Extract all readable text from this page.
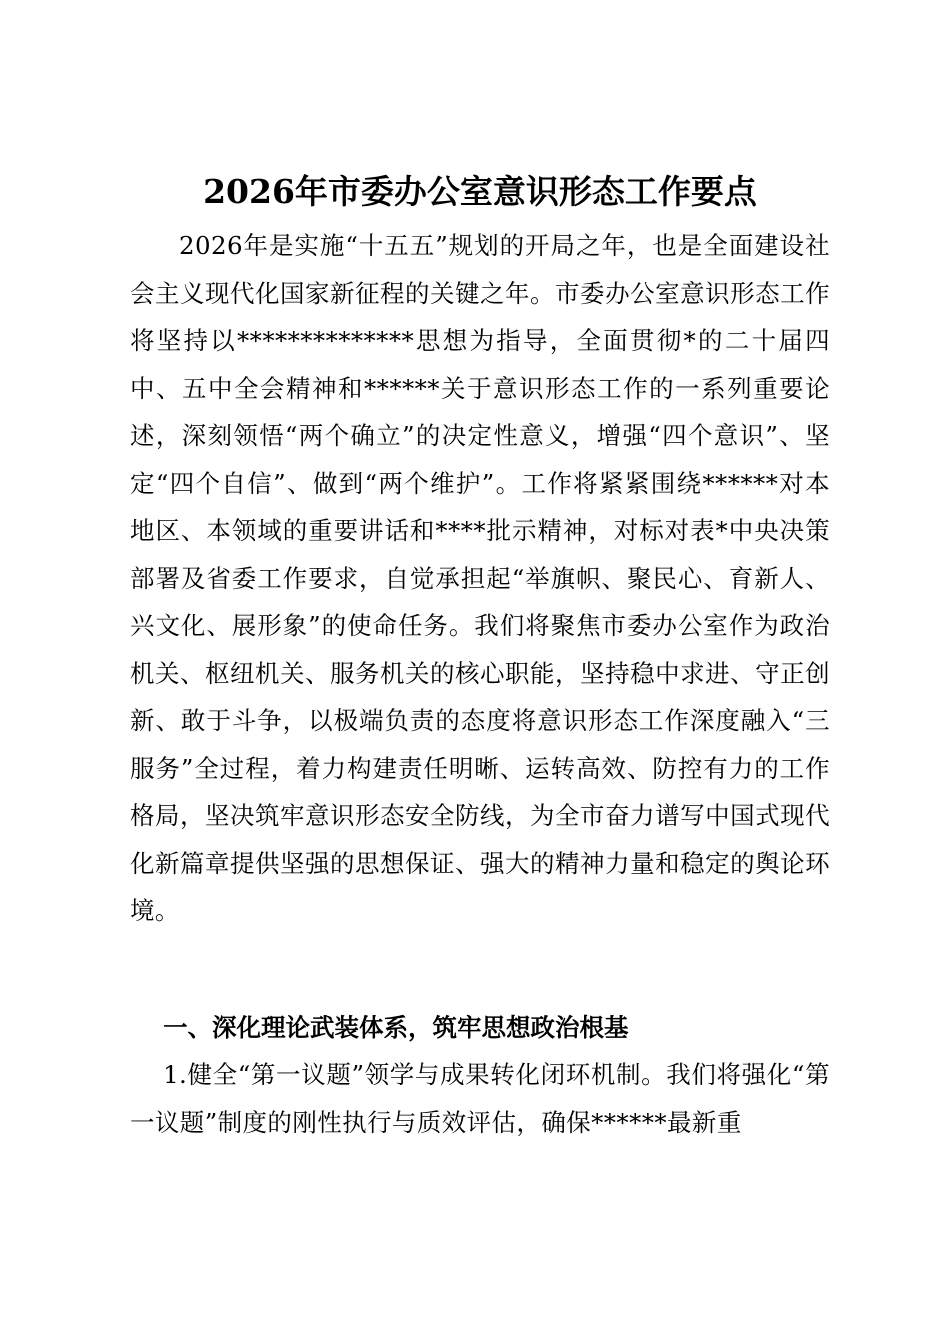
2026年市委办公室意识形态工作要点

2026年是实施“十五五”规划的开局之年，也是全面建设社会主义现代化国家新征程的关键之年。市委办公室意识形态工作将坚持以**************思想为指导，全面贯彻*的二十届四中、五中全会精神和******关于意识形态工作的一系列重要论述，深刻领悟“两个确立”的决定性意义，增强“四个意识”、坚定“四个自信”、做到“两个维护”。工作将紧紧围绕******对本地区、本领域的重要讲话和****批示精神，对标对表*中央决策部署及省委工作要求，自觉承担起“举旗帜、聚民心、育新人、兴文化、展形象”的使命任务。我们将聚焦市委办公室作为政治机关、枢纽机关、服务机关的核心职能，坚持稳中求进、守正创新、敢于斗争，以极端负责的态度将意识形态工作深度融入“三服务”全过程，着力构建责任明晰、运转高效、防控有力的工作格局，坚决筑牢意识形态安全防线，为全市奋力谱写中国式现代化新篇章提供坚强的思想保证、强大的精神力量和稳定的舆论环境。

一、深化理论武装体系，筑牢思想政治根基

1.健全“第一议题”领学与成果转化闭环机制。我们将强化“第一议题”制度的刚性执行与质效评估，确保******最新重
